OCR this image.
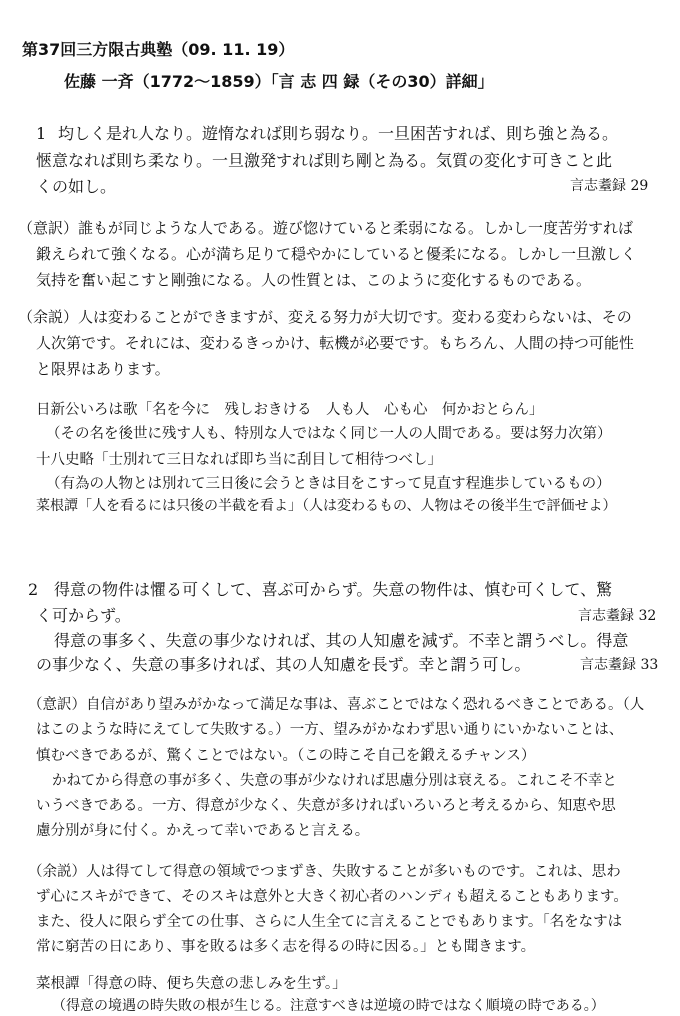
第37回三方限古典塾（09. 11. 19）
佐藤 一斉（1772〜1859）「言 志 四 録（その30）詳細」
1 均しく是れ人なり。遊惰なれば則ち弱なり。一旦困苦すれば、則ち強と為る。
愜意なれば則ち柔なり。一旦激発すれば則ち剛と為る。気質の変化す可きこと此
くの如し。	言志耋録 29
（意訳）誰もが同じような人である。遊び惚けていると柔弱になる。しかし一度苦労すれば
鍛えられて強くなる。心が満ち足りて穏やかにしていると優柔になる。しかし一旦激しく
気持を奮い起こすと剛強になる。人の性質とは、このように変化するものである。
（余説）人は変わることができますが、変える努力が大切です。変わる変わらないは、その
人次第です。それには、変わるきっかけ、転機が必要です。もちろん、人間の持つ可能性
と限界はあります。
日新公いろは歌「名を今に　残しおきける　人も人　心も心　何かおとらん」
（その名を後世に残す人も、特別な人ではなく同じ一人の人間である。要は努力次第）
十八史略「士別れて三日なれば即ち当に刮目して相待つべし」
（有為の人物とは別れて三日後に会うときは目をこすって見直す程進歩しているもの）
菜根譚「人を看るには只後の半截を看よ」（人は変わるもの、人物はその後半生で評価せよ）
2 得意の物件は懼る可くして、喜ぶ可からず。失意の物件は、慎む可くして、驚
く可からず。	言志耋録 32
得意の事多く、失意の事少なければ、其の人知慮を減ず。不幸と謂うべし。得意
の事少なく、失意の事多ければ、其の人知慮を長ず。幸と謂う可し。	言志耋録 33
（意訳）自信があり望みがかなって満足な事は、喜ぶことではなく恐れるべきことである。（人
はこのような時にえてして失敗する。）一方、望みがかなわず思い通りにいかないことは、
慎むべきであるが、驚くことではない。（この時こそ自己を鍛えるチャンス）
かねてから得意の事が多く、失意の事が少なければ思慮分別は衰える。これこそ不幸と
いうべきである。一方、得意が少なく、失意が多ければいろいろと考えるから、知恵や思
慮分別が身に付く。かえって幸いであると言える。
（余説）人は得てして得意の領域でつまずき、失敗することが多いものです。これは、思わ
ず心にスキができて、そのスキは意外と大きく初心者のハンディも超えることもあります。
また、役人に限らず全ての仕事、さらに人生全てに言えることでもあります。「名をなすは
常に窮苦の日にあり、事を敗るは多く志を得るの時に因る。」とも聞きます。
菜根譚「得意の時、便ち失意の悲しみを生ず。」
（得意の境遇の時失敗の根が生じる。注意すべきは逆境の時ではなく順境の時である。）
